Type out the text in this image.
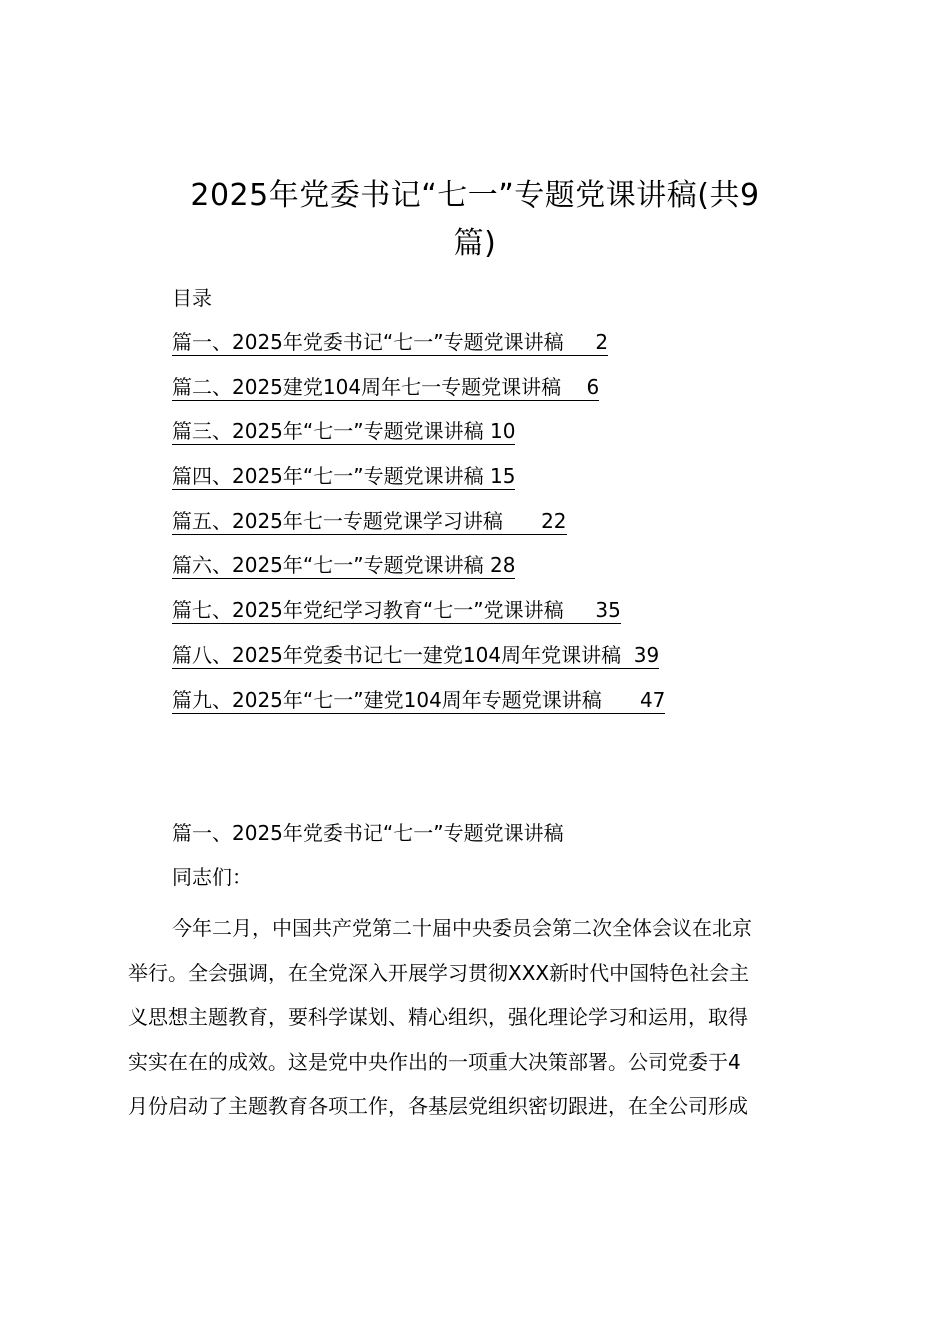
2025年党委书记“七一”专题党课讲稿(共9
篇)
目录
篇一、2025年党委书记“七一”专题党课讲稿 2
篇二、2025建党104周年七一专题党课讲稿 6
篇三、2025年“七一”专题党课讲稿 10
篇四、2025年“七一”专题党课讲稿 15
篇五、2025年七一专题党课学习讲稿 22
篇六、2025年“七一”专题党课讲稿 28
篇七、2025年党纪学习教育“七一”党课讲稿 35
篇八、2025年党委书记七一建党104周年党课讲稿 39
篇九、2025年“七一”建党104周年专题党课讲稿 47
篇一、2025年党委书记“七一”专题党课讲稿
同志们：
今年二月，中国共产党第二十届中央委员会第二次全体会议在北京
举行。全会强调，在全党深入开展学习贯彻XXX新时代中国特色社会主
义思想主题教育，要科学谋划、精心组织，强化理论学习和运用，取得
实实在在的成效。这是党中央作出的一项重大决策部署。公司党委于4
月份启动了主题教育各项工作，各基层党组织密切跟进，在全公司形成
